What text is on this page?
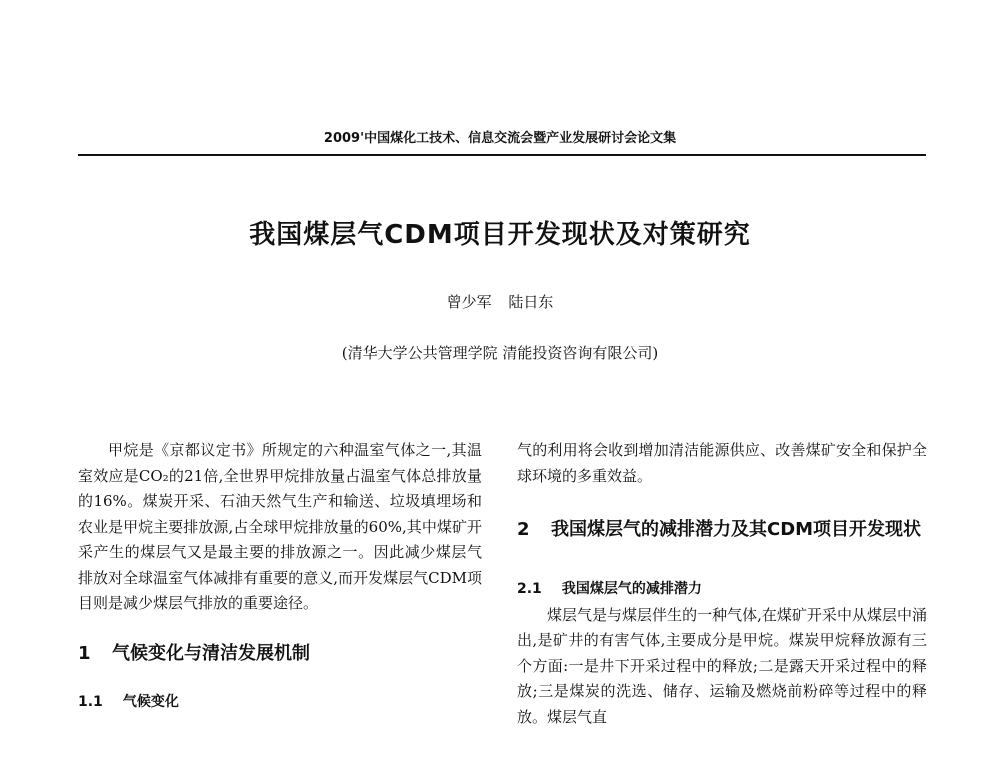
2009'中国煤化工技术、信息交流会暨产业发展研讨会论文集
我国煤层气CDM项目开发现状及对策研究
曾少军 陆日东
(清华大学公共管理学院 清能投资咨询有限公司)

甲烷是《京都议定书》所规定的六种温室气体之一,其温室效应是CO₂的21倍,全世界甲烷排放量占温室气体总排放量的16%。煤炭开采、石油天然气生产和输送、垃圾填埋场和农业是甲烷主要排放源,占全球甲烷排放量的60%,其中煤矿开采产生的煤层气又是最主要的排放源之一。因此减少煤层气排放对全球温室气体减排有重要的意义,而开发煤层气CDM项目则是减少煤层气排放的重要途径。

1	气候变化与清洁发展机制
1.1 气候变化

气的利用将会收到增加清洁能源供应、改善煤矿安全和保护全球环境的多重效益。

2	我国煤层气的减排潜力及其CDM项目开发现状
2.1 我国煤层气的减排潜力

煤层气是与煤层伴生的一种气体,在煤矿开采中从煤层中涌出,是矿井的有害气体,主要成分是甲烷。煤炭甲烷释放源有三个方面:一是井下开采过程中的释放;二是露天开采过程中的释放;三是煤炭的洗选、储存、运输及燃烧前粉碎等过程中的释放。煤层气直
